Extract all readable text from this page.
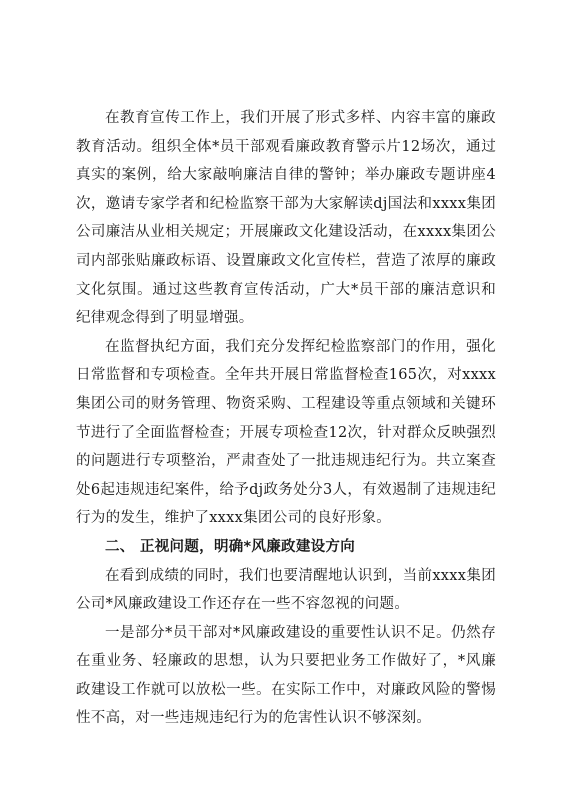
在教育宣传工作上，我们开展了形式多样、内容丰富的廉政教育活动。组织全体*员干部观看廉政教育警示片12场次，通过真实的案例，给大家敲响廉洁自律的警钟；举办廉政专题讲座4次，邀请专家学者和纪检监察干部为大家解读dj国法和xxxx集团公司廉洁从业相关规定；开展廉政文化建设活动，在xxxx集团公司内部张贴廉政标语、设置廉政文化宣传栏，营造了浓厚的廉政文化氛围。通过这些教育宣传活动，广大*员干部的廉洁意识和纪律观念得到了明显增强。

在监督执纪方面，我们充分发挥纪检监察部门的作用，强化日常监督和专项检查。全年共开展日常监督检查165次，对xxxx集团公司的财务管理、物资采购、工程建设等重点领域和关键环节进行了全面监督检查；开展专项检查12次，针对群众反映强烈的问题进行专项整治，严肃查处了一批违规违纪行为。共立案查处6起违规违纪案件，给予dj政务处分3人，有效遏制了违规违纪行为的发生，维护了xxxx集团公司的良好形象。

二、 正视问题，明确*风廉政建设方向

在看到成绩的同时，我们也要清醒地认识到，当前xxxx集团公司*风廉政建设工作还存在一些不容忽视的问题。

一是部分*员干部对*风廉政建设的重要性认识不足。仍然存在重业务、轻廉政的思想，认为只要把业务工作做好了，*风廉政建设工作就可以放松一些。在实际工作中，对廉政风险的警惕性不高，对一些违规违纪行为的危害性认识不够深刻。
